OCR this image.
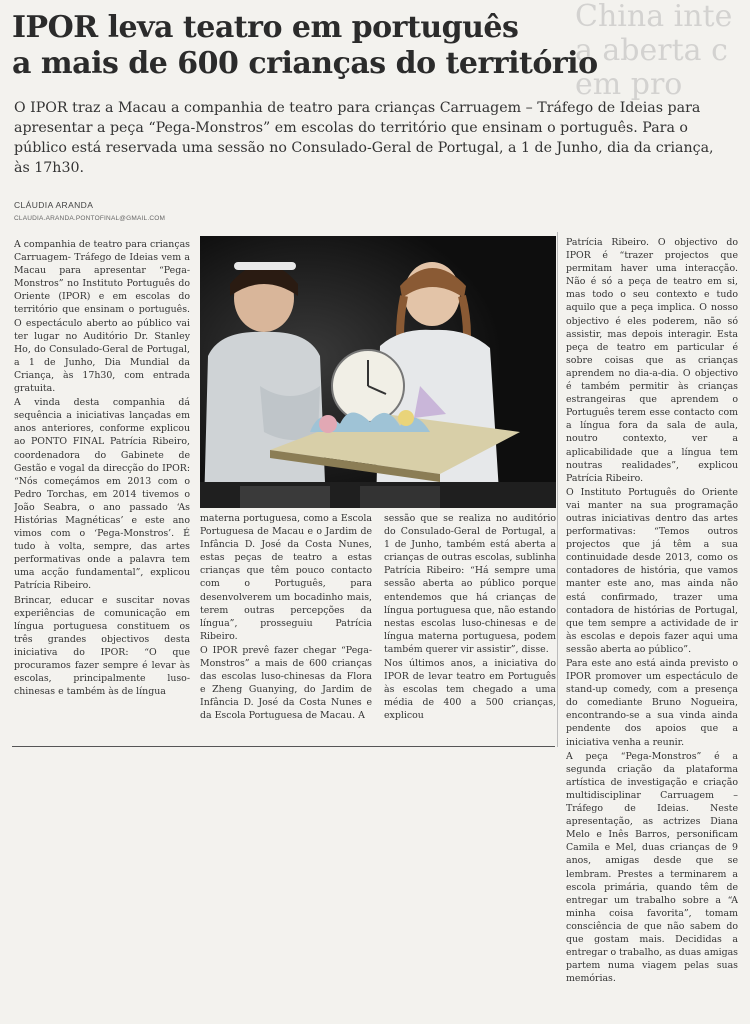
China inte
a aberta c
em pro
IPOR leva teatro em português
a mais de 600 crianças do território
O IPOR traz a Macau a companhia de teatro para crianças Carruagem – Tráfego de Ideias para apresentar a peça “Pega-Monstros” em escolas do território que ensinam o português. Para o público está reservada uma sessão no Consulado-Geral de Portugal, a 1 de Junho, dia da criança, às 17h30.
CLÁUDIA ARANDA
CLAUDIA.ARANDA.PONTOFINAL@GMAIL.COM

A companhia de teatro para crianças Carruagem- Tráfego de Ideias vem a Macau para apresentar “Pega-Monstros” no Instituto Português do Oriente (IPOR) e em escolas do território que ensinam o português. O espectáculo aberto ao público vai ter lugar no Auditório Dr. Stanley Ho, do Consulado-Geral de Portugal, a 1 de Junho, Dia Mundial da Criança, às 17h30, com entrada gratuita.

A vinda desta companhia dá sequência a iniciativas lançadas em anos anteriores, conforme explicou ao PONTO FINAL Patrícia Ribeiro, coordenadora do Gabinete de Gestão e vogal da direcção do IPOR: “Nós começámos em 2013 com o Pedro Torchas, em 2014 tivemos o João Seabra, o ano passado ‘As Histórias Magnéticas’ e este ano vimos com o ‘Pega-Monstros’. É tudo à volta, sempre, das artes performativas onde a palavra tem uma acção fundamental”, explicou Patrícia Ribeiro.

Brincar, educar e suscitar novas experiências de comunicação em língua portuguesa constituem os três grandes objectivos desta iniciativa do IPOR: “O que procuramos fazer sempre é levar às escolas, principalmente luso-chinesas e também às de língua

materna portuguesa, como a Escola Portuguesa de Macau e o Jardim de Infância D. José da Costa Nunes, estas peças de teatro a estas crianças que têm pouco contacto com o Português, para desenvolverem um bocadinho mais, terem outras percepções da língua”, prosseguiu Patrícia Ribeiro.

O IPOR prevê fazer chegar “Pega-Monstros” a mais de 600 crianças das escolas luso-chinesas da Flora e Zheng Guanying, do Jardim de Infância D. José da Costa Nunes e da Escola Portuguesa de Macau. A

sessão que se realiza no auditório do Consulado-Geral de Portugal, a 1 de Junho, também está aberta a crianças de outras escolas, sublinha Patrícia Ribeiro: “Há sempre uma sessão aberta ao público porque entendemos que há crianças de língua portuguesa que, não estando nestas escolas luso-chinesas e de língua materna portuguesa, podem também querer vir assistir”, disse.

Nos últimos anos, a iniciativa do IPOR de levar teatro em Português às escolas tem chegado a uma média de 400 a 500 crianças, explicou

Patrícia Ribeiro. O objectivo do IPOR é “trazer projectos que permitam haver uma interacção. Não é só a peça de teatro em si, mas todo o seu contexto e tudo aquilo que a peça implica. O nosso objectivo é eles poderem, não só assistir, mas depois interagir. Esta peça de teatro em particular é sobre coisas que as crianças aprendem no dia-a-dia. O objectivo é também permitir às crianças estrangeiras que aprendem o Português terem esse contacto com a língua fora da sala de aula, noutro contexto, ver a aplicabilidade que a língua tem noutras realidades”, explicou Patrícia Ribeiro.

O Instituto Português do Oriente vai manter na sua programação outras iniciativas dentro das artes performativas: “Temos outros projectos que já têm a sua continuidade desde 2013, como os contadores de história, que vamos manter este ano, mas ainda não está confirmado, trazer uma contadora de histórias de Portugal, que tem sempre a actividade de ir às escolas e depois fazer aqui uma sessão aberta ao público”.

Para este ano está ainda previsto o IPOR promover um espectáculo de stand-up comedy, com a presença do comediante Bruno Nogueira, encontrando-se a sua vinda ainda pendente dos apoios que a iniciativa venha a reunir.

A peça “Pega-Monstros” é a segunda criação da plataforma artística de investigação e criação multidisciplinar Carruagem – Tráfego de Ideias. Neste apresentação, as actrizes Diana Melo e Inês Barros, personificam Camila e Mel, duas crianças de 9 anos, amigas desde que se lembram. Prestes a terminarem a escola primária, quando têm de entregar um trabalho sobre a “A minha coisa favorita”, tomam consciência de que não sabem do que gostam mais. Decididas a entregar o trabalho, as duas amigas partem numa viagem pelas suas memórias.
